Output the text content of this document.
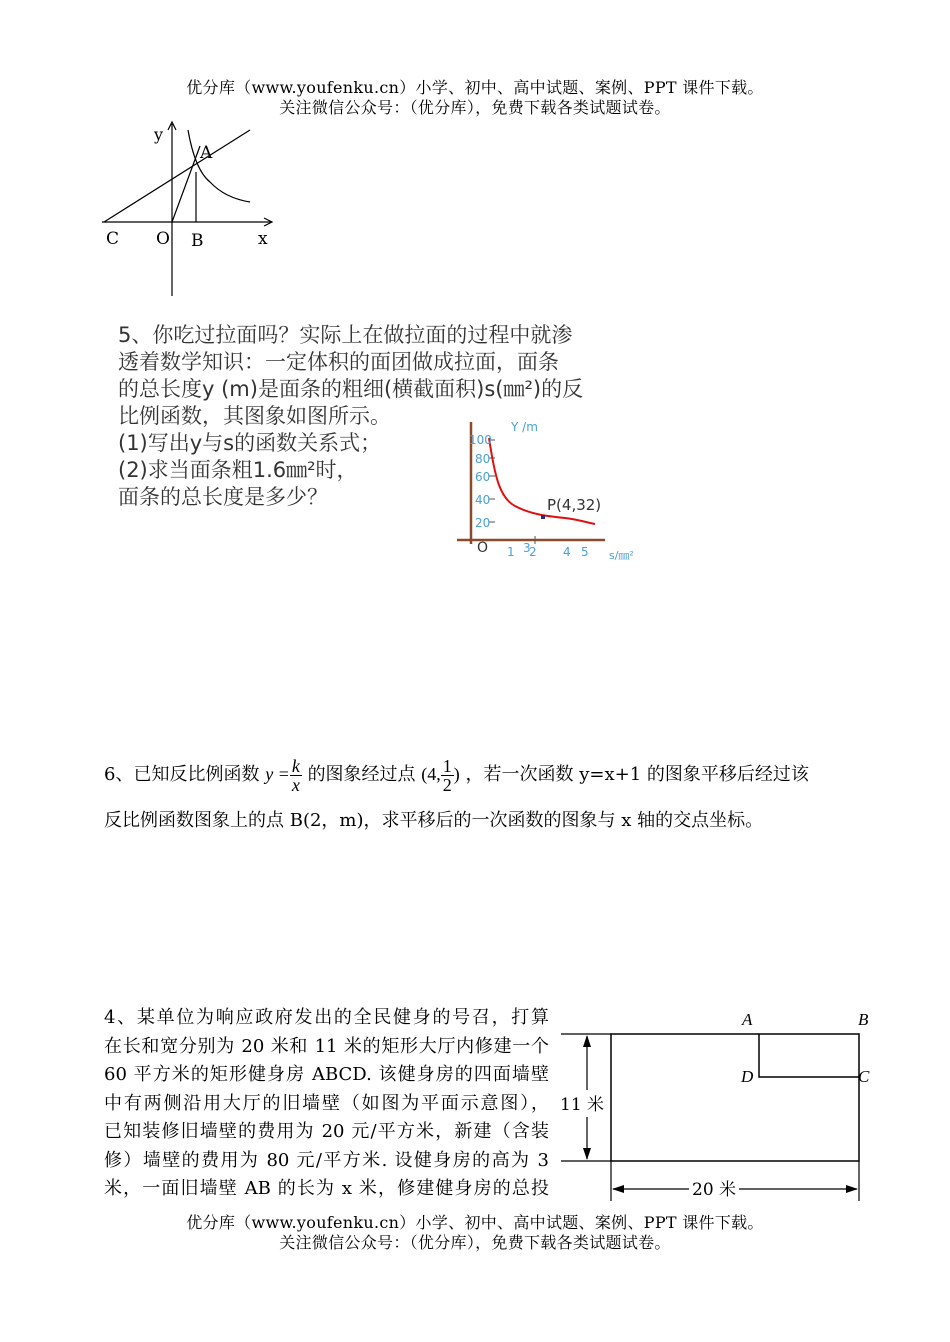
优分库（www.youfenku.cn）小学、初中、高中试题、案例、PPT 课件下载。
关注微信公众号：（优分库），免费下载各类试题试卷。
y
A
C O B	x
5、你吃过拉面吗？实际上在做拉面的过程中就渗
透着数学知识：一定体积的面团做成拉面，面条
的总长度y (m)是面条的粗细(横截面积)s(㎜²)的反
比例函数，其图象如图所示。
(1)写出y与s的函数关系式；
(2)求当面条粗1.6㎜²时，
面条的总长度是多少？
Y /m
100
80
60
40
20
1 3
2 4 5 s/㎜²
O
P(4,32)
6、已知反比例函数 $y = \frac{k}{x}$ 的图象经过点 (4, $\frac{1}{2}$ ) ，若一次函数 y=x+1 的图象平移后经过该
反比例函数图象上的点 B(2，m)，求平移后的一次函数的图象与 x 轴的交点坐标。
4、某单位为响应政府发出的全民健身的号召，打算
在长和宽分别为 20 米和 11 米的矩形大厅内修建一个
60 平方米的矩形健身房 ABCD. 该健身房的四面墙壁
中有两侧沿用大厅的旧墙壁（如图为平面示意图），
已知装修旧墙壁的费用为 20 元/平方米，新建（含装
修）墙壁的费用为 80 元/平方米. 设健身房的高为 3
米，一面旧墙壁 AB 的长为 x 米，修建健身房的总投
A	B
D	C
11 米
20 米
优分库（www.youfenku.cn）小学、初中、高中试题、案例、PPT 课件下载。
关注微信公众号：（优分库），免费下载各类试题试卷。
